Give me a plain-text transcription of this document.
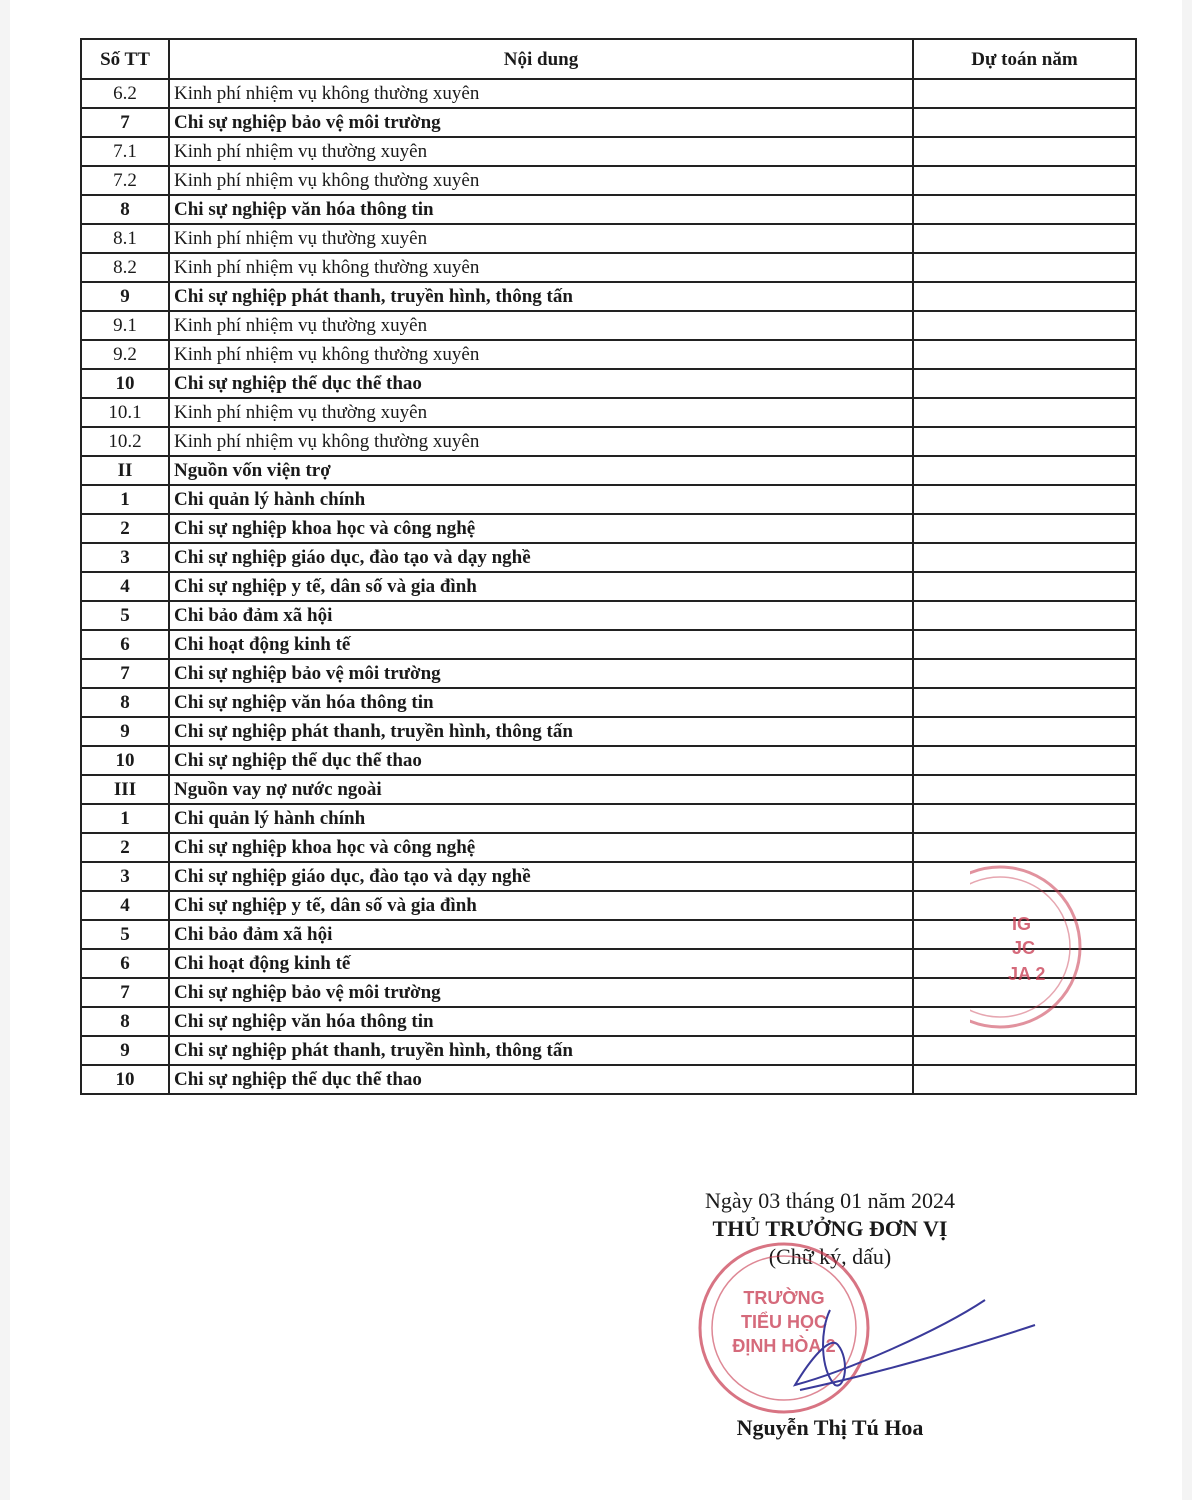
Số TT	Nội dung	Dự toán năm
6.2	Kinh phí nhiệm vụ không thường xuyên	
7	Chi sự nghiệp bảo vệ môi trường	
7.1	Kinh phí nhiệm vụ thường xuyên	
7.2	Kinh phí nhiệm vụ không thường xuyên	
8	Chi sự nghiệp văn hóa thông tin	
8.1	Kinh phí nhiệm vụ thường xuyên	
8.2	Kinh phí nhiệm vụ không thường xuyên	
9	Chi sự nghiệp phát thanh, truyền hình, thông tấn	
9.1	Kinh phí nhiệm vụ thường xuyên	
9.2	Kinh phí nhiệm vụ không thường xuyên	
10	Chi sự nghiệp thể dục thể thao	
10.1	Kinh phí nhiệm vụ thường xuyên	
10.2	Kinh phí nhiệm vụ không thường xuyên	
II	Nguồn vốn viện trợ	
1	Chi quản lý hành chính	
2	Chi sự nghiệp khoa học và công nghệ	
3	Chi sự nghiệp giáo dục, đào tạo và dạy nghề	
4	Chi sự nghiệp y tế, dân số và gia đình	
5	Chi bảo đảm xã hội	
6	Chi hoạt động kinh tế	
7	Chi sự nghiệp bảo vệ môi trường	
8	Chi sự nghiệp văn hóa thông tin	
9	Chi sự nghiệp phát thanh, truyền hình, thông tấn	
10	Chi sự nghiệp thể dục thể thao	
III	Nguồn vay nợ nước ngoài	
1	Chi quản lý hành chính	
2	Chi sự nghiệp khoa học và công nghệ	
3	Chi sự nghiệp giáo dục, đào tạo và dạy nghề	
4	Chi sự nghiệp y tế, dân số và gia đình	
5	Chi bảo đảm xã hội	
6	Chi hoạt động kinh tế	
7	Chi sự nghiệp bảo vệ môi trường	
8	Chi sự nghiệp văn hóa thông tin	
9	Chi sự nghiệp phát thanh, truyền hình, thông tấn	
10	Chi sự nghiệp thể dục thể thao	
IG
JC
JA 2
Ngày 03 tháng 01 năm 2024
THỦ TRƯỞNG ĐƠN VỊ
(Chữ ký, dấu)
TRƯỜNG
TIỂU HỌC
ĐỊNH HÒA 2
Nguyễn Thị Tú Hoa
